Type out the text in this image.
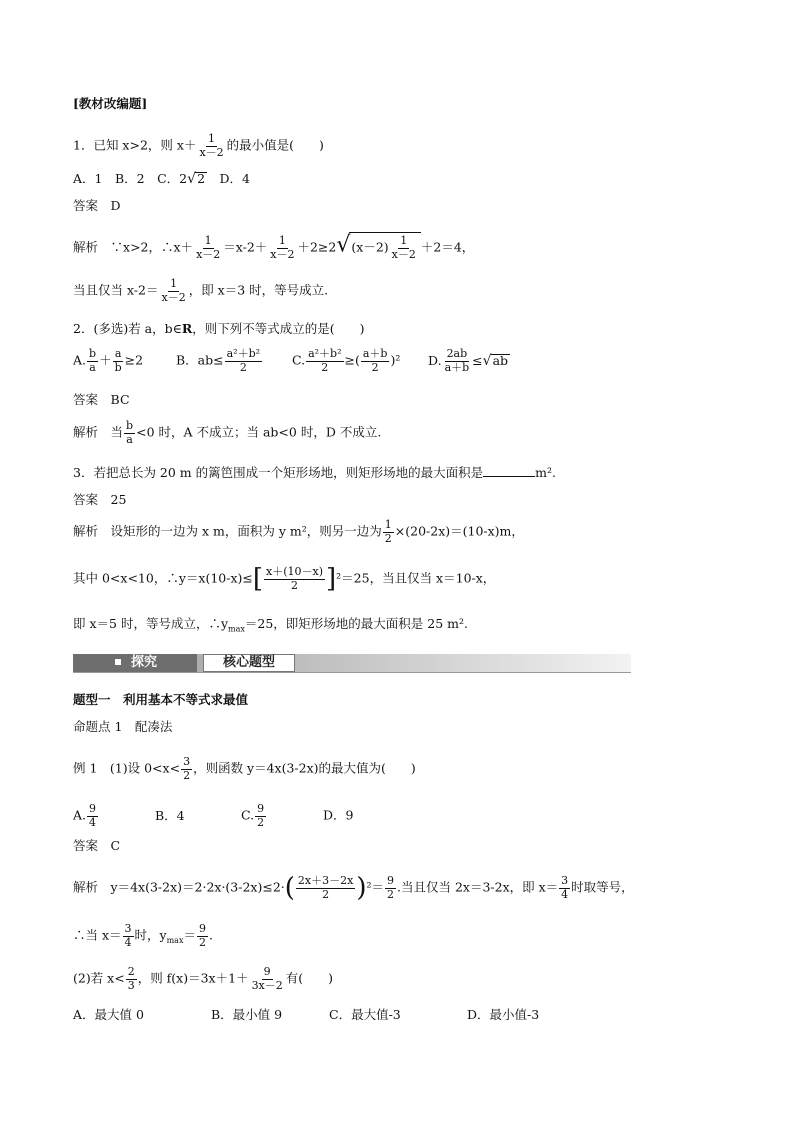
[教材改编题]
1．已知 x>2，则 $x+ \frac{1}{x-2}$ 的最小值是(　　)
A．1　B．2　C．2√2　D．4
答案　 D
解析　 ∵x>2，∴x＋ $\frac{1}{x-2} =x-2+ \frac{1}{x-2} +2\ge 2√(x-2) \frac{1}{x-2} +2=4$，
当且仅当 $x-2= \frac{1}{x-2}$ ，即 x＝3 时，等号成立.
2．(多选)若 a，b∈R，则下列不等式成立的是(　　)
A. $\frac{b}{a} + \frac{a}{b} \ge 2$	B．$ab\le \frac{\text{a²＋b²}}{2} C$. $\frac{\text{a²＋b²}}{2}$ ≥( $\frac{a+b}{2} )^2$ D. $\frac{2ab}{a+b} \le√ab$
答案　 BC
解析　 当 $\frac{b}{a} <0$ 时，A 不成立；当 ab<0 时，D 不成立.
3．若把总长为 20 m 的篱笆围成一个矩形场地，则矩形场地的最大面积是	m².
答案　 25
解析　 设矩形的一边为 x m，面积为 y m²，则另一边为 $\frac{1}{2} \times(20-2x)=(10-x)m$，
其中 0<x<10，∴y＝x(10-x)≤[ $\frac{x+(10-x)}{2} ]^2=25$，当且仅当 x＝10-x，
即 x＝5 时，等号成立，$\therefore y_{max}=25$，即矩形场地的最大面积是 25 m².
探究	核心题型
题型一　利用基本不等式求最值
命题点 1　配凑法
例 1　(1)设 $0<x< \frac{3}{2}$ ，则函数 y＝4x(3-2x)的最大值为(　　)
A. $\frac{9}{4}$	B．4	C. $\frac{9}{2}$	D．9
答案　 C
解析　 $y=4x(3-2x)=2\cdot 2x\cdot(3-2x)\le 2\cdot( \frac{2x+3-2x}{2} )^2= \frac{9}{2}$ .当且仅当 2x＝3-2x，即 $x= \frac{3}{4}$ 时取等号，
∴当 $x= \frac{3}{4}$ 时，$y_{max}= \frac{9}{2}$ .
(2)若 $x< \frac{2}{3}$ ，则 $f(x)=3x+1+ \frac{9}{3x-2}$ 有(　　)
A．最大值 0	B．最小值 9	C．最大值-3	D．最小值-3
